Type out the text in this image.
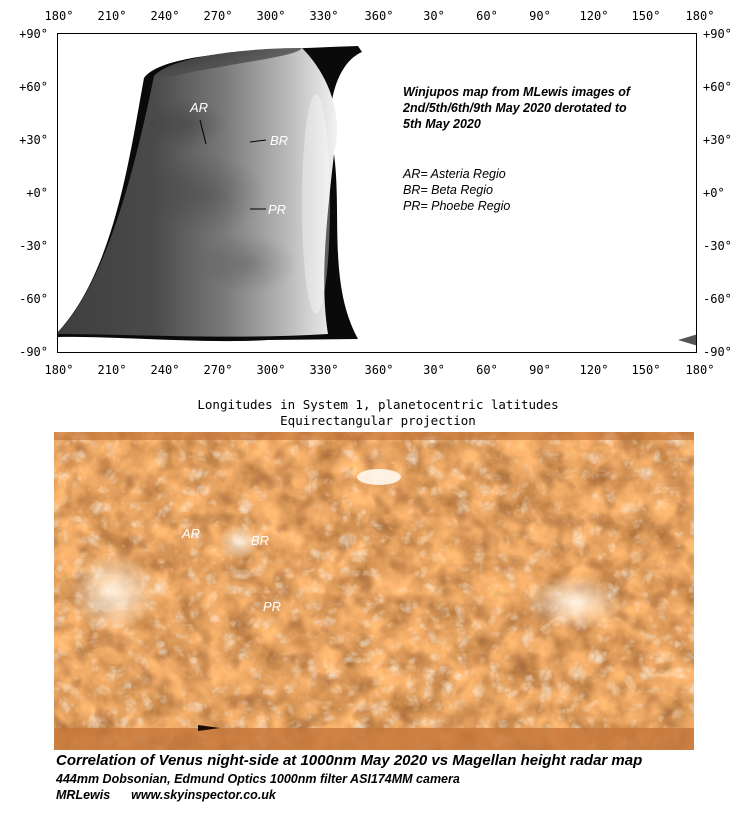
180° 210° 240° 270° 300° 330° 360° 30°	60°	90° 120° 150° 180°
+90°
+60°
+30°
+0°
-30°
-60°
-90°
+90°
+60°
+30°
+0°
-30°
-60°
-90°
AR
BR
PR
Winjupos map from MLewis images of
2nd/5th/6th/9th May 2020 derotated to
5th May 2020
AR= Asteria Regio
BR= Beta Regio
PR= Phoebe Regio
180° 210° 240° 270° 300° 330° 360° 30°	60°	90° 120° 150° 180°
Longitudes in System 1, planetocentric latitudes
Equirectangular projection
AR	BR
PR
Correlation of Venus night-side at 1000nm May 2020 vs Magellan height radar map
444mm Dobsonian, Edmund Optics 1000nm filter ASI174MM camera
MRLewis www.skyinspector.co.uk
